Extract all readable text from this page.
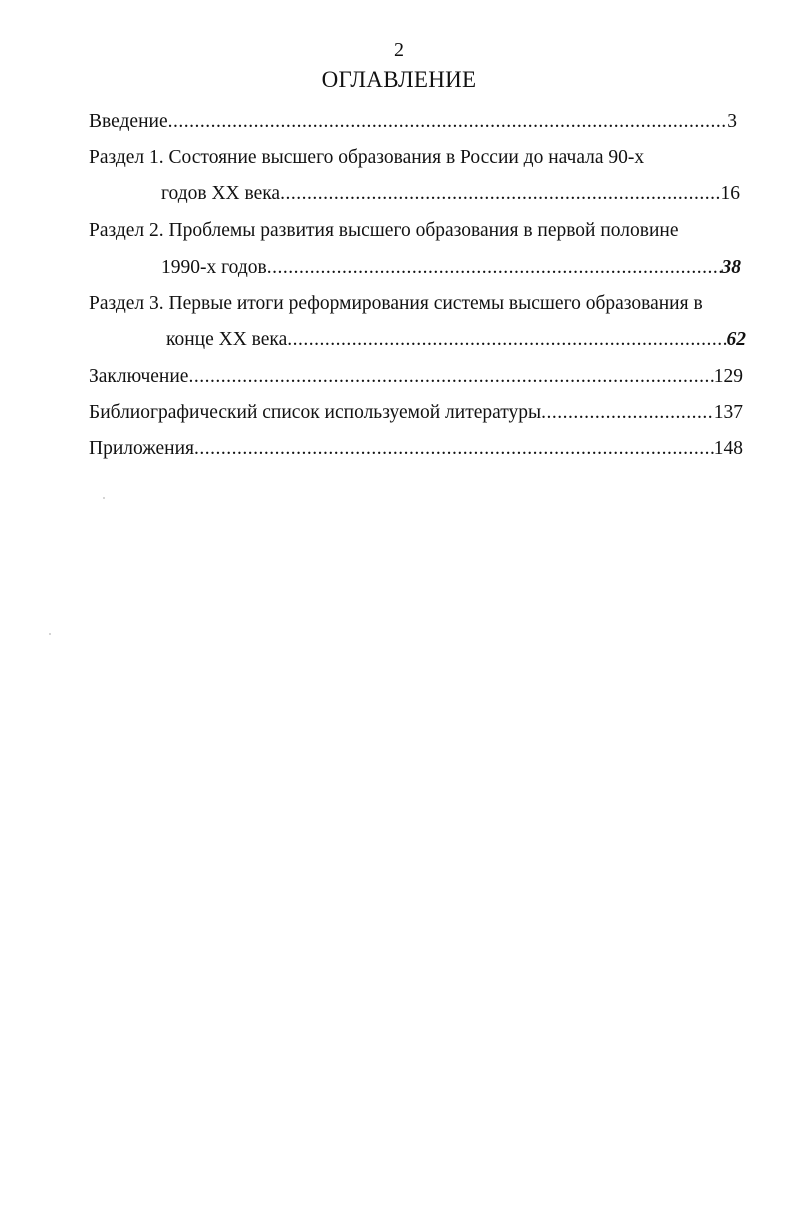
2
ОГЛАВЛЕНИЕ
Введение .....	3
Раздел 1. Состояние высшего образования в России до начала 90-х
годов XX века .....	16
Раздел 2. Проблемы развития высшего образования в первой половине
1990-х годов .....	38
Раздел 3. Первые итоги реформирования системы высшего образования в
конце XX века .....	62
Заключение .....	129
Библиографический список используемой литературы .....	137
Приложения .....	148
